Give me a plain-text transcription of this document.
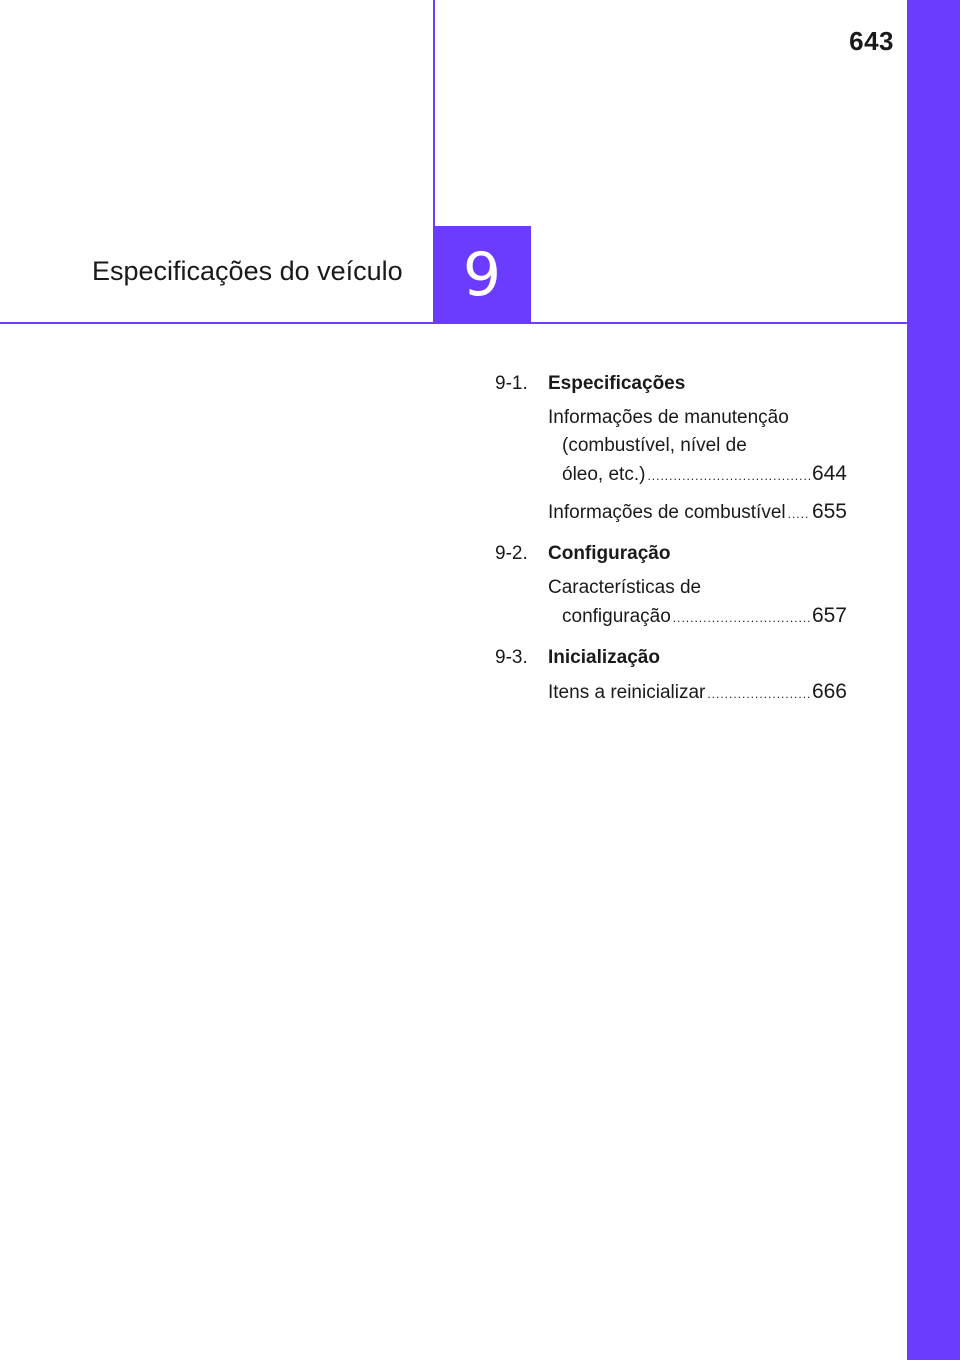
643
Especificações do veículo	9
9-1.	Especificações
Informações de manutenção
(combustível, nível de
óleo, etc.) .....	644
Informações de combustível ..... 655
9-2.	Configuração
Características de
configuração .....	657
9-3.	Inicialização
Itens a reinicializar .....	666
